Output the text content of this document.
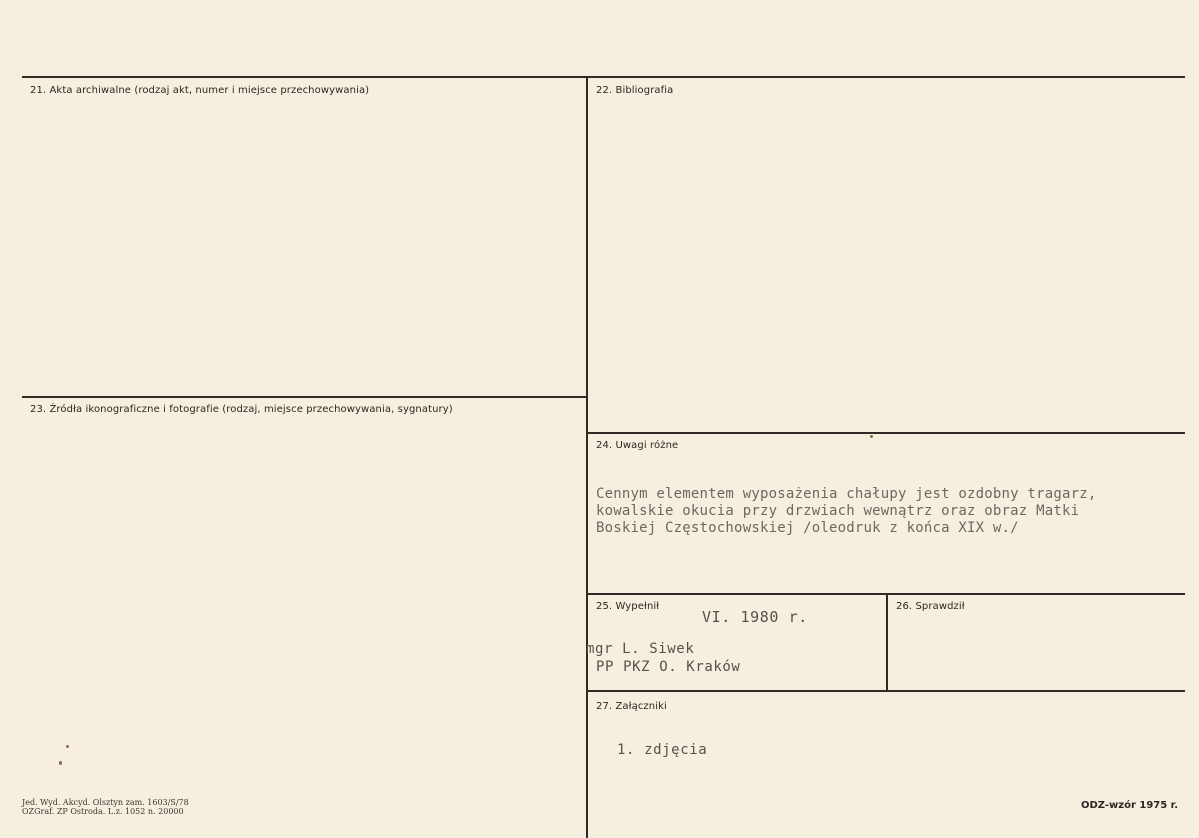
21. Akta archiwalne (rodzaj akt, numer i miejsce przechowywania)	22. Bibliografia
23. Źródła ikonograficzne i fotografie (rodzaj, miejsce przechowywania, sygnatury)
24. Uwagi różne
25. Wypełnił	26. Sprawdził
27. Załączniki
Cennym elementem wyposażenia chałupy jest ozdobny tragarz,
kowalskie okucia przy drzwiach wewnątrz oraz obraz Matki
Boskiej Częstochowskiej /oleodruk z końca XIX w./
VI. 1980 r.
mgr L. Siwek
PP PKZ O. Kraków
1. zdjęcia
Jed. Wyd. Akcyd. Olsztyn zam. 1603/S/78
OZGraf. ZP Ostroda. L.z. 1052 n. 20000
ODZ-wzór 1975 r.
